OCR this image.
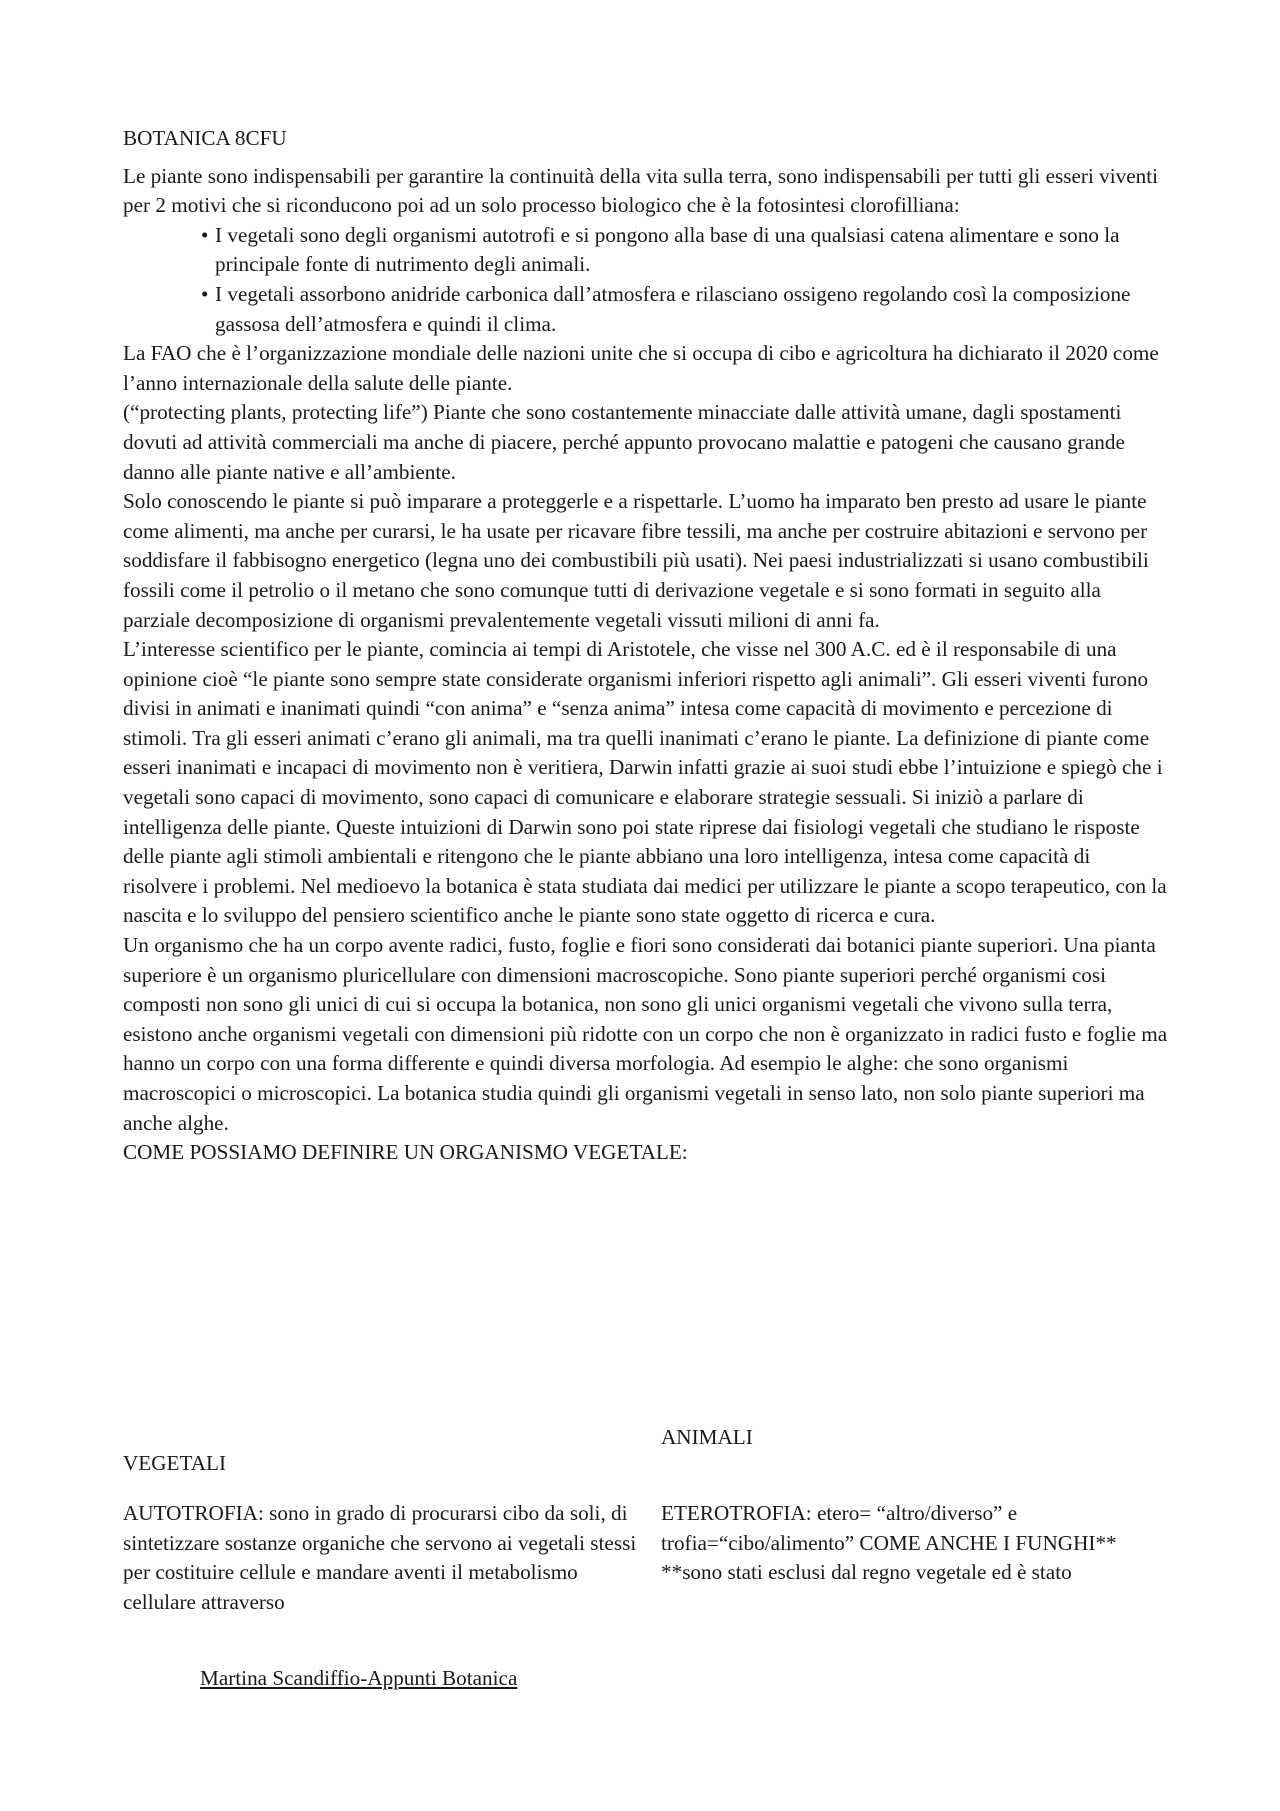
BOTANICA 8CFU

Le piante sono indispensabili per garantire la continuità della vita sulla terra, sono indispensabili per tutti gli esseri viventi per 2 motivi che si riconducono poi ad un solo processo biologico che è la fotosintesi clorofilliana:

• I vegetali sono degli organismi autotrofi e si pongono alla base di una qualsiasi catena alimentare e sono la principale fonte di nutrimento degli animali.
• I vegetali assorbono anidride carbonica dall’atmosfera e rilasciano ossigeno regolando così la composizione gassosa dell’atmosfera e quindi il clima.

La FAO che è l’organizzazione mondiale delle nazioni unite che si occupa di cibo e agricoltura ha dichiarato il 2020 come l’anno internazionale della salute delle piante.

(“protecting plants, protecting life”) Piante che sono costantemente minacciate dalle attività umane, dagli spostamenti dovuti ad attività commerciali ma anche di piacere, perché appunto provocano malattie e patogeni che causano grande danno alle piante native e all’ambiente.

Solo conoscendo le piante si può imparare a proteggerle e a rispettarle. L’uomo ha imparato ben presto ad usare le piante come alimenti, ma anche per curarsi, le ha usate per ricavare fibre tessili, ma anche per costruire abitazioni e servono per soddisfare il fabbisogno energetico (legna uno dei combustibili più usati). Nei paesi industrializzati si usano combustibili fossili come il petrolio o il metano che sono comunque tutti di derivazione vegetale e si sono formati in seguito alla parziale decomposizione di organismi prevalentemente vegetali vissuti milioni di anni fa.

L’interesse scientifico per le piante, comincia ai tempi di Aristotele, che visse nel 300 A.C. ed è il responsabile di una opinione cioè “le piante sono sempre state considerate organismi inferiori rispetto agli animali”. Gli esseri viventi furono divisi in animati e inanimati quindi “con anima” e “senza anima” intesa come capacità di movimento e percezione di stimoli. Tra gli esseri animati c’erano gli animali, ma tra quelli inanimati c’erano le piante. La definizione di piante come esseri inanimati e incapaci di movimento non è veritiera, Darwin infatti grazie ai suoi studi ebbe l’intuizione e spiegò che i vegetali sono capaci di movimento, sono capaci di comunicare e elaborare strategie sessuali. Si iniziò a parlare di intelligenza delle piante. Queste intuizioni di Darwin sono poi state riprese dai fisiologi vegetali che studiano le risposte delle piante agli stimoli ambientali e ritengono che le piante abbiano una loro intelligenza, intesa come capacità di risolvere i problemi. Nel medioevo la botanica è stata studiata dai medici per utilizzare le piante a scopo terapeutico, con la nascita e lo sviluppo del pensiero scientifico anche le piante sono state oggetto di ricerca e cura.

Un organismo che ha un corpo avente radici, fusto, foglie e fiori sono considerati dai botanici piante superiori. Una pianta superiore è un organismo pluricellulare con dimensioni macroscopiche. Sono piante superiori perché organismi cosi composti non sono gli unici di cui si occupa la botanica, non sono gli unici organismi vegetali che vivono sulla terra, esistono anche organismi vegetali con dimensioni più ridotte con un corpo che non è organizzato in radici fusto e foglie ma hanno un corpo con una forma differente e quindi diversa morfologia. Ad esempio le alghe: che sono organismi macroscopici o microscopici. La botanica studia quindi gli organismi vegetali in senso lato, non solo piante superiori ma anche alghe.

COME POSSIAMO DEFINIRE UN ORGANISMO VEGETALE:

VEGETALI
AUTOTROFIA: sono in grado di procurarsi cibo da soli, di sintetizzare sostanze organiche che servono ai vegetali stessi per costituire cellule e mandare aventi il metabolismo cellulare attraverso
ANIMALI
ETEROTROFIA: etero= “altro/diverso” e trofia=“cibo/alimento” COME ANCHE I FUNGHI**
**sono stati esclusi dal regno vegetale ed è stato
Martina Scandiffio-Appunti Botanica
